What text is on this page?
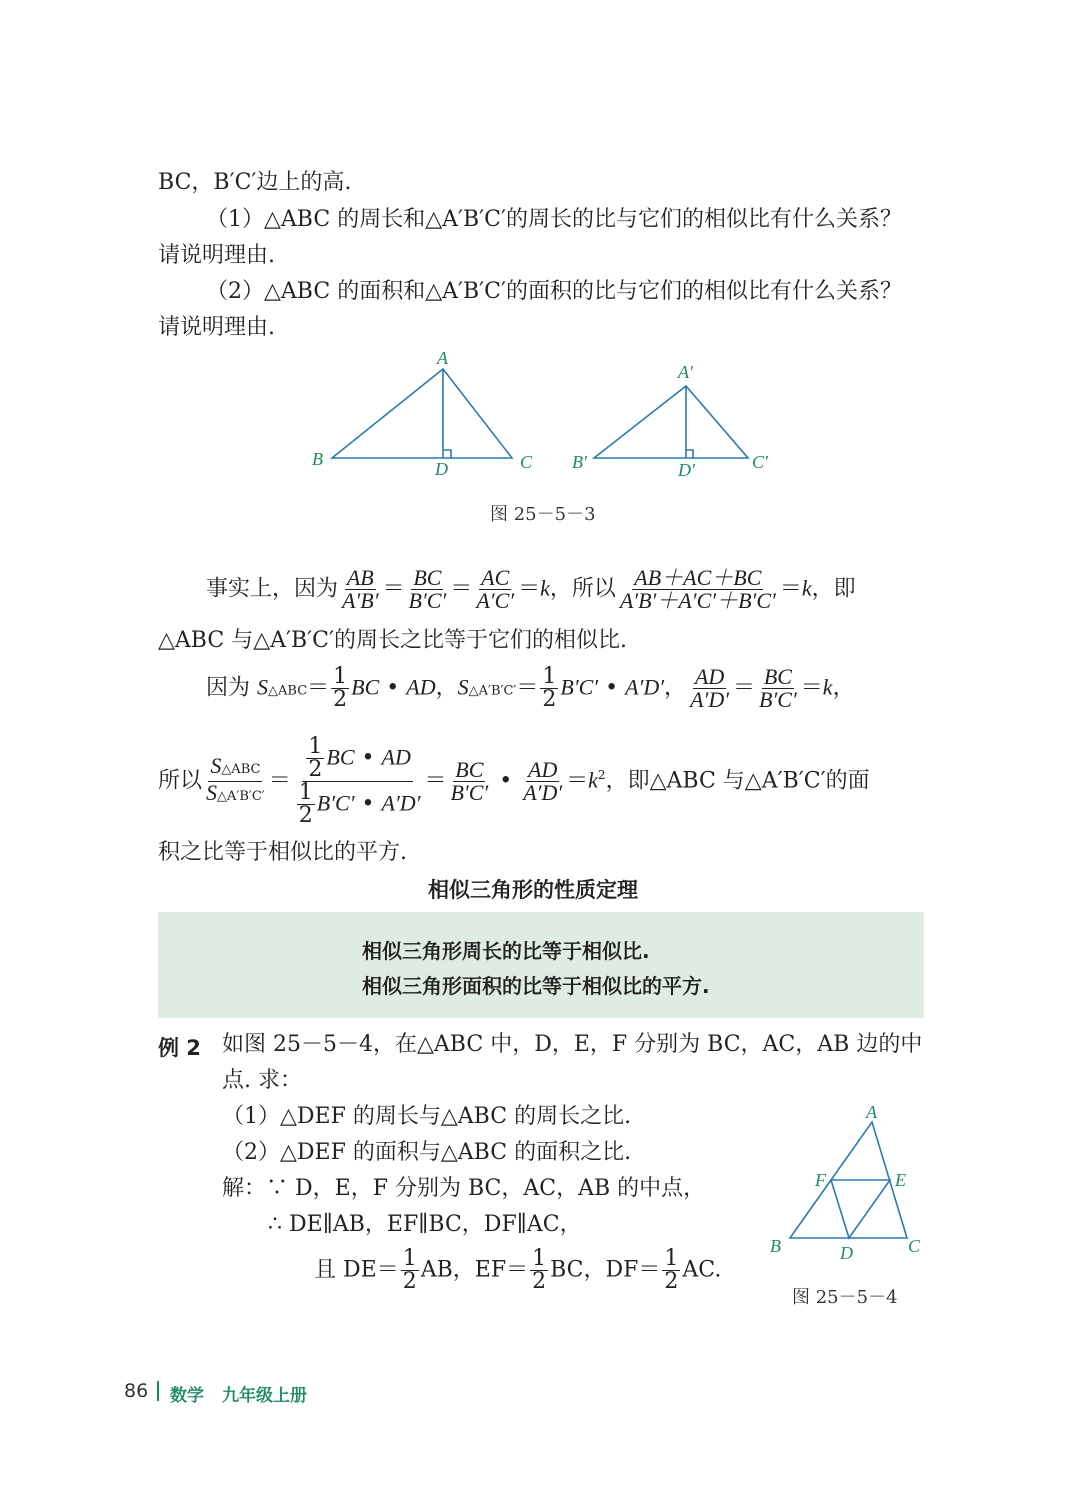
BC，B′C′边上的高.
（1）△ABC 的周长和△A′B′C′的周长的比与它们的相似比有什么关系？
请说明理由.
（2）△ABC 的面积和△A′B′C′的面积的比与它们的相似比有什么关系？
请说明理由.
A
B	C
D
A′
B′	C′
D′
图 25－5－3
事实上，因为 $\frac{AB}{A'B'} = \frac{BC}{B'C'} = \frac{AC}{A'C'} =k$，所以 $\frac{AB+AC+BC}{A'B'+A'C'+B'C'} =k$，即
△ABC 与△A′B′C′的周长之比等于它们的相似比.
因为 S△ABC＝ $\frac{1}{2}$ BC • AD，S△A′B′C′＝ $\frac{1}{2} B'C'$ • A′D′， $\frac{AD}{A'D'} = \frac{BC}{B'C'} =k$，
所以 $\frac{\text{S△ABC}}{S\triangle A'B'C'} = \frac{\frac{1}{2} BC • AD}{\frac{1}{2} B'C' • A'D'} = \frac{BC}{B'C'}$ • $\frac{AD}{A'D'} =k^2$，即△ABC 与△A′B′C′的面
积之比等于相似比的平方.
相似三角形的性质定理
相似三角形周长的比等于相似比.
相似三角形面积的比等于相似比的平方.
例 2 如图 25－5－4，在△ABC 中，D，E，F 分别为 BC，AC，AB 边的中
点. 求：
（1）△DEF 的周长与△ABC 的周长之比.
（2）△DEF 的面积与△ABC 的面积之比.
解：∵ D，E，F 分别为 BC，AC，AB 的中点，
∴ DE∥AB，EF∥BC，DF∥AC，
且 $DE= \frac{1}{2}$ AB，$EF= \frac{1}{2}$ BC，$DF= \frac{1}{2}$ AC.
A
B	C
D
E
F
图 25－5－4
86 数学 九年级上册
